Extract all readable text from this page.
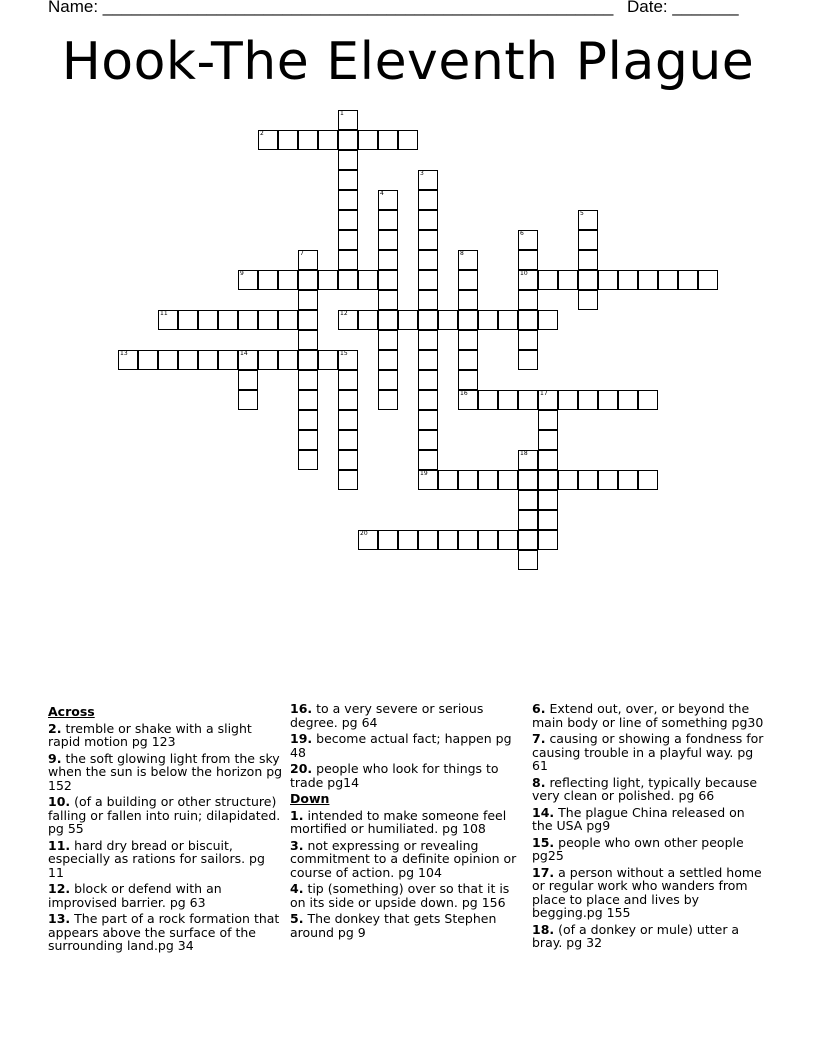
Name: ______________________________________________________ Date: _______
Hook-The Eleventh Plague
1
2
3
4
5
6
10
7	8
9
11	12
13	14	15
16	17
18
19
20
Across
2. tremble or shake with a slight rapid motion pg 123
9. the soft glowing light from the sky when the sun is below the horizon pg 152
10. (of a building or other structure) falling or fallen into ruin; dilapidated. pg 55
11. hard dry bread or biscuit, especially as rations for sailors. pg 11
12. block or defend with an improvised barrier. pg 63
13. The part of a rock formation that appears above the surface of the surrounding land.pg 34
16. to a very severe or serious degree. pg 64
19. become actual fact; happen pg 48
20. people who look for things to trade pg14
Down
1. intended to make someone feel mortified or humiliated. pg 108
3. not expressing or revealing commitment to a definite opinion or course of action. pg 104
4. tip (something) over so that it is on its side or upside down. pg 156
5. The donkey that gets Stephen around pg 9
6. Extend out, over, or beyond the main body or line of something pg30
7. causing or showing a fondness for causing trouble in a playful way. pg 61
8. reflecting light, typically because very clean or polished. pg 66
14. The plague China released on the USA pg9
15. people who own other people pg25
17. a person without a settled home or regular work who wanders from place to place and lives by begging.pg 155
18. (of a donkey or mule) utter a bray. pg 32
